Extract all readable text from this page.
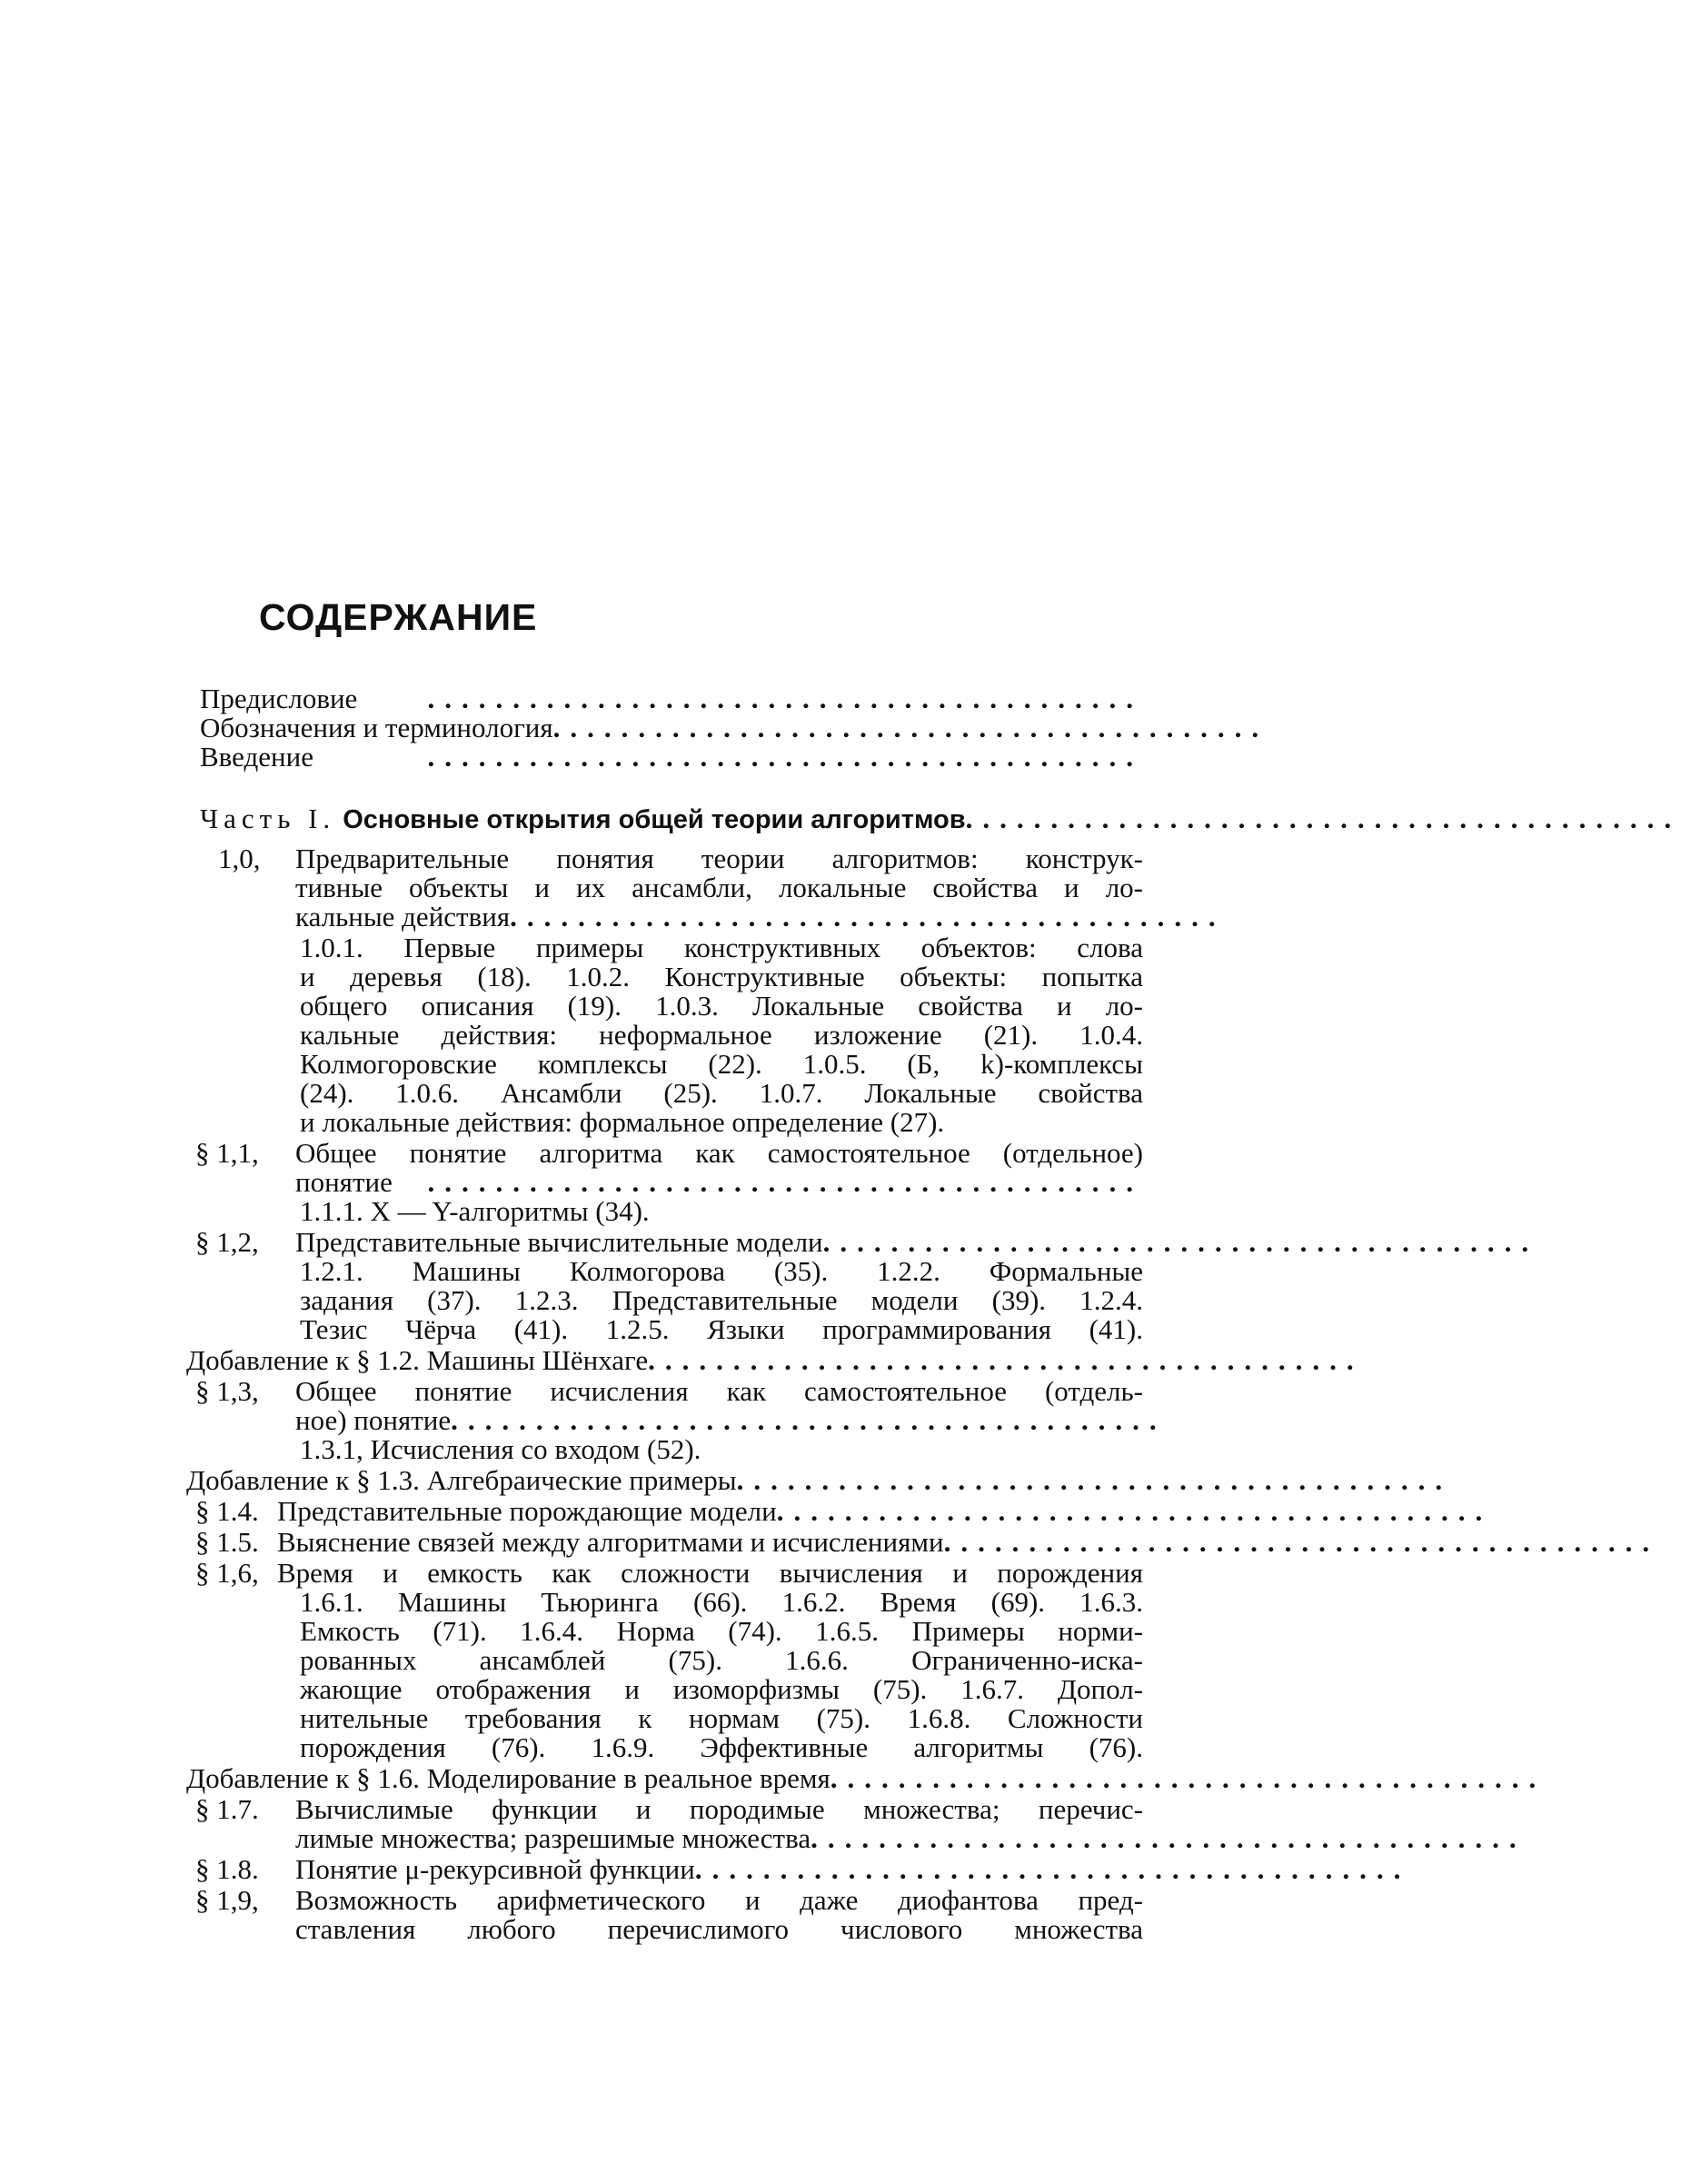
СОДЕРЖАНИЕ
Предисловие	..........................................
Обозначения и терминология ..........................................
Введение	..........................................
Часть I. Основные открытия общей теории алгоритмов ..........................................
1,0, Предварительные понятия теории алгоритмов: конструк-
тивные объекты и их ансамбли, локальные свойства и ло-
кальные действия ..........................................
1.0.1. Первые примеры конструктивных объектов: слова
и деревья (18). 1.0.2. Конструктивные объекты: попытка
общего описания (19). 1.0.3. Локальные свойства и ло-
кальные действия: неформальное изложение (21). 1.0.4.
Колмогоровские комплексы (22). 1.0.5. (Б, k)-комплексы
(24). 1.0.6. Ансамбли (25). 1.0.7. Локальные свойства
и локальные действия: формальное определение (27).
§ 1,1, Общее понятие алгоритма как самостоятельное (отдельное)
понятие	..........................................
1.1.1. X — Y-алгоритмы (34).
§ 1,2, Представительные вычислительные модели ..........................................
1.2.1. Машины Колмогорова (35). 1.2.2. Формальные
задания (37). 1.2.3. Представительные модели (39). 1.2.4.
Тезис Чёрча (41). 1.2.5. Языки программирования (41).
Добавление к § 1.2. Машины Шёнхаге ..........................................
§ 1,3, Общее понятие исчисления как самостоятельное (отдель-
ное) понятие ..........................................
1.3.1, Исчисления со входом (52).
Добавление к § 1.3. Алгебраические примеры ..........................................
§ 1.4. Представительные порождающие модели ..........................................
§ 1.5. Выяснение связей между алгоритмами и исчислениями ..........................................
§ 1,6, Время и емкость как сложности вычисления и порождения
1.6.1. Машины Тьюринга (66). 1.6.2. Время (69). 1.6.3.
Емкость (71). 1.6.4. Норма (74). 1.6.5. Примеры норми-
рованных ансамблей (75). 1.6.6. Ограниченно-иска-
жающие отображения и изоморфизмы (75). 1.6.7. Допол-
нительные требования к нормам (75). 1.6.8. Сложности
порождения (76). 1.6.9. Эффективные алгоритмы (76).
Добавление к § 1.6. Моделирование в реальное время ..........................................
§ 1.7. Вычислимые функции и породимые множества; перечис-
лимые множества; разрешимые множества ..........................................
§ 1.8. Понятие μ-рекурсивной функции ..........................................
§ 1,9, Возможность арифметического и даже диофантова пред-
ставления любого перечислимого числового множества
